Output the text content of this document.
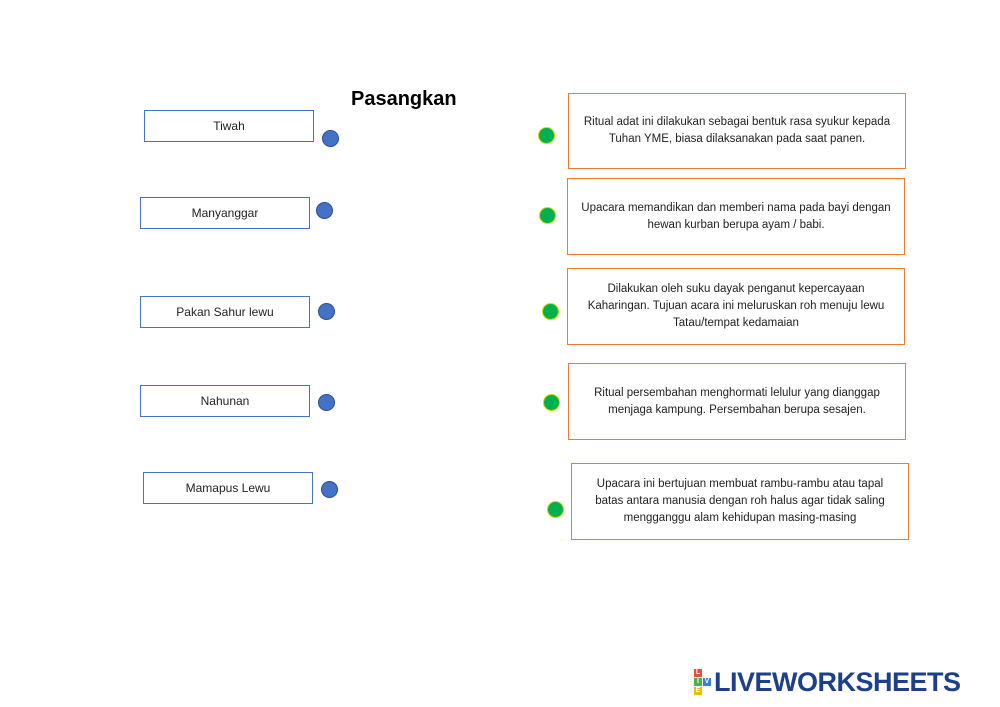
Pasangkan
Tiwah
Manyanggar
Pakan Sahur lewu
Nahunan
Mamapus Lewu
Ritual adat ini dilakukan sebagai bentuk rasa syukur kepada Tuhan YME, biasa dilaksanakan pada saat panen.
Upacara memandikan dan memberi nama pada bayi dengan hewan kurban berupa ayam / babi.
Dilakukan oleh suku dayak penganut kepercayaan Kaharingan. Tujuan acara ini meluruskan roh menuju lewu Tatau/tempat kedamaian
Ritual persembahan menghormati lelulur yang dianggap menjaga kampung. Persembahan berupa sesajen.
Upacara ini bertujuan membuat rambu-rambu atau tapal batas antara manusia dengan roh halus agar tidak saling mengganggu alam kehidupan masing-masing
L
I V
E LIVEWORKSHEETS
